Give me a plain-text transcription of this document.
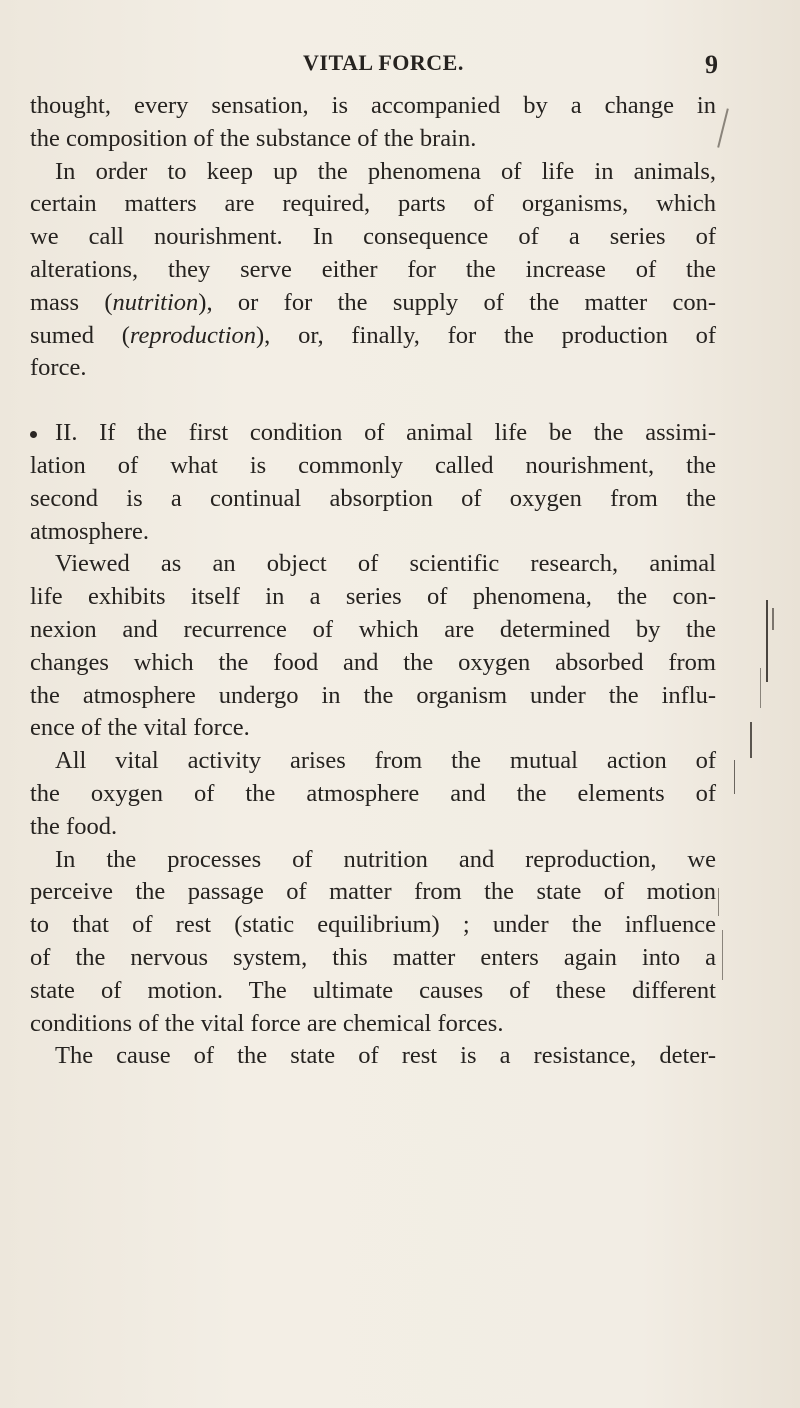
VITAL FORCE.	9

thought, every sensation, is accompanied by a change in
the composition of the substance of the brain.

In order to keep up the phenomena of life in animals,
certain matters are required, parts of organisms, which
we call nourishment. In consequence of a series of
alterations, they serve either for the increase of the
mass (nutrition), or for the supply of the matter con-
sumed (reproduction), or, finally, for the production of
force.

II. If the first condition of animal life be the assimi-
lation of what is commonly called nourishment, the
second is a continual absorption of oxygen from the
atmosphere.

Viewed as an object of scientific research, animal
life exhibits itself in a series of phenomena, the con-
nexion and recurrence of which are determined by the
changes which the food and the oxygen absorbed from
the atmosphere undergo in the organism under the influ-
ence of the vital force.

All vital activity arises from the mutual action of
the oxygen of the atmosphere and the elements of
the food.

In the processes of nutrition and reproduction, we
perceive the passage of matter from the state of motion
to that of rest (static equilibrium) ; under the influence
of the nervous system, this matter enters again into a
state of motion. The ultimate causes of these different
conditions of the vital force are chemical forces.

The cause of the state of rest is a resistance, deter-
